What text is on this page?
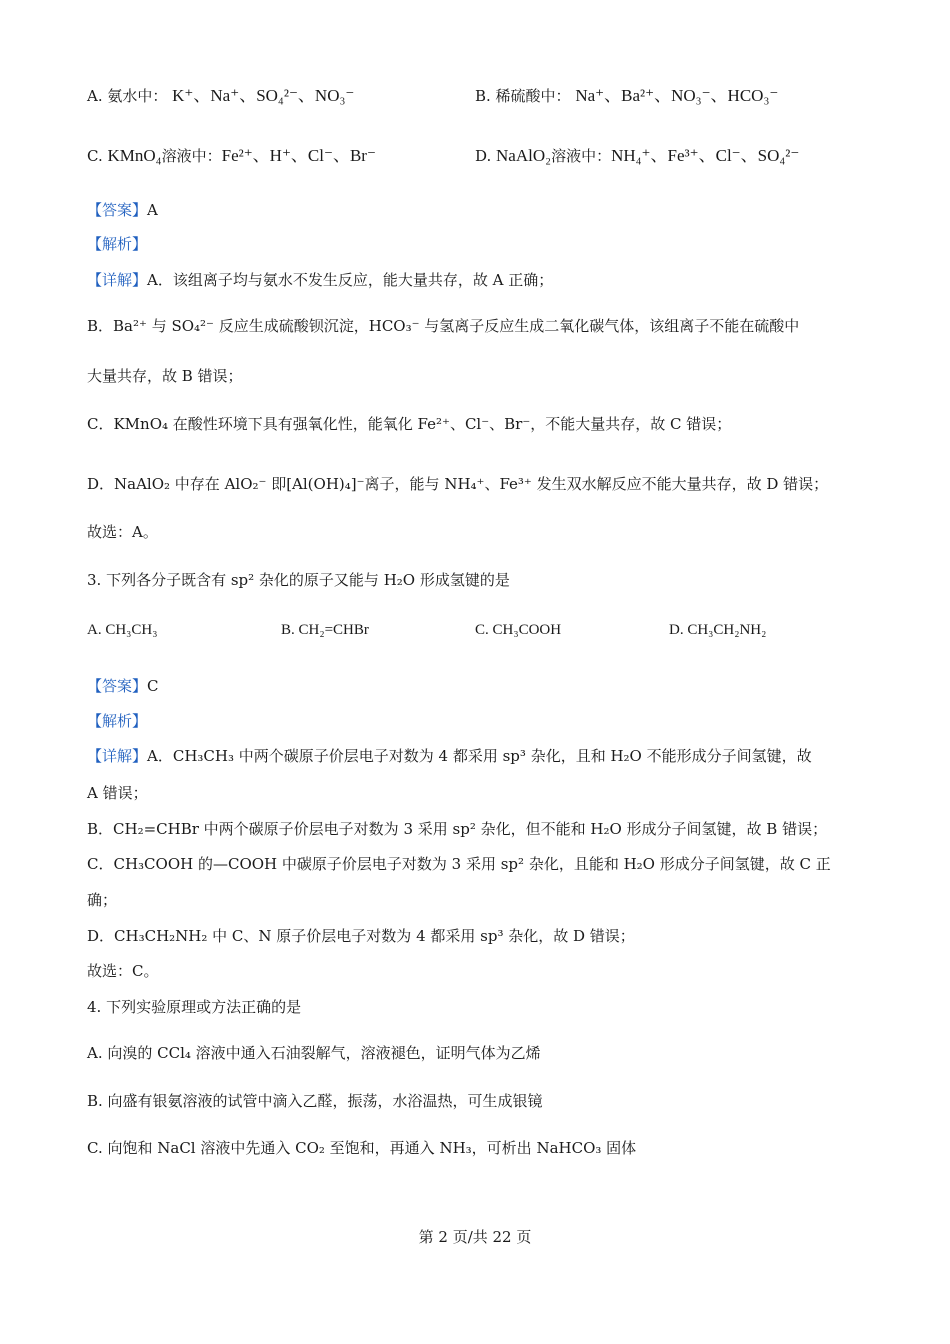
A. 氨水中： K⁺、Na⁺、SO₄²⁻、NO₃⁻	B. 稀硫酸中： Na⁺、Ba²⁺、NO₃⁻、HCO₃⁻
C. KMnO₄溶液中：Fe²⁺、H⁺、Cl⁻、Br⁻	D. NaAlO₂溶液中：NH₄⁺、Fe³⁺、Cl⁻、SO₄²⁻
【答案】A
【解析】
【详解】A．该组离子均与氨水不发生反应，能大量共存，故 A 正确；
B．Ba²⁺ 与 SO₄²⁻ 反应生成硫酸钡沉淀，HCO₃⁻ 与氢离子反应生成二氧化碳气体，该组离子不能在硫酸中
大量共存，故 B 错误；
C．KMnO₄ 在酸性环境下具有强氧化性，能氧化 Fe²⁺、Cl⁻、Br⁻，不能大量共存，故 C 错误；
D．NaAlO₂ 中存在 AlO₂⁻ 即[Al(OH)₄]⁻离子，能与 NH₄⁺、Fe³⁺ 发生双水解反应不能大量共存，故 D 错误；
故选：A。
3. 下列各分子既含有 sp² 杂化的原子又能与 H₂O 形成氢键的是
A. CH₃CH₃	B. CH₂=CHBr	C. CH₃COOH	D. CH₃CH₂NH₂
【答案】C
【解析】
【详解】A．CH₃CH₃ 中两个碳原子价层电子对数为 4 都采用 sp³ 杂化，且和 H₂O 不能形成分子间氢键，故
A 错误；
B．CH₂=CHBr 中两个碳原子价层电子对数为 3 采用 sp² 杂化，但不能和 H₂O 形成分子间氢键，故 B 错误；
C．CH₃COOH 的—COOH 中碳原子价层电子对数为 3 采用 sp² 杂化，且能和 H₂O 形成分子间氢键，故 C 正
确；
D．CH₃CH₂NH₂ 中 C、N 原子价层电子对数为 4 都采用 sp³ 杂化，故 D 错误；
故选：C。
4. 下列实验原理或方法正确的是
A. 向溴的 CCl₄ 溶液中通入石油裂解气，溶液褪色，证明气体为乙烯
B. 向盛有银氨溶液的试管中滴入乙醛，振荡，水浴温热，可生成银镜
C. 向饱和 NaCl 溶液中先通入 CO₂ 至饱和，再通入 NH₃，可析出 NaHCO₃ 固体
第 2 页/共 22 页
